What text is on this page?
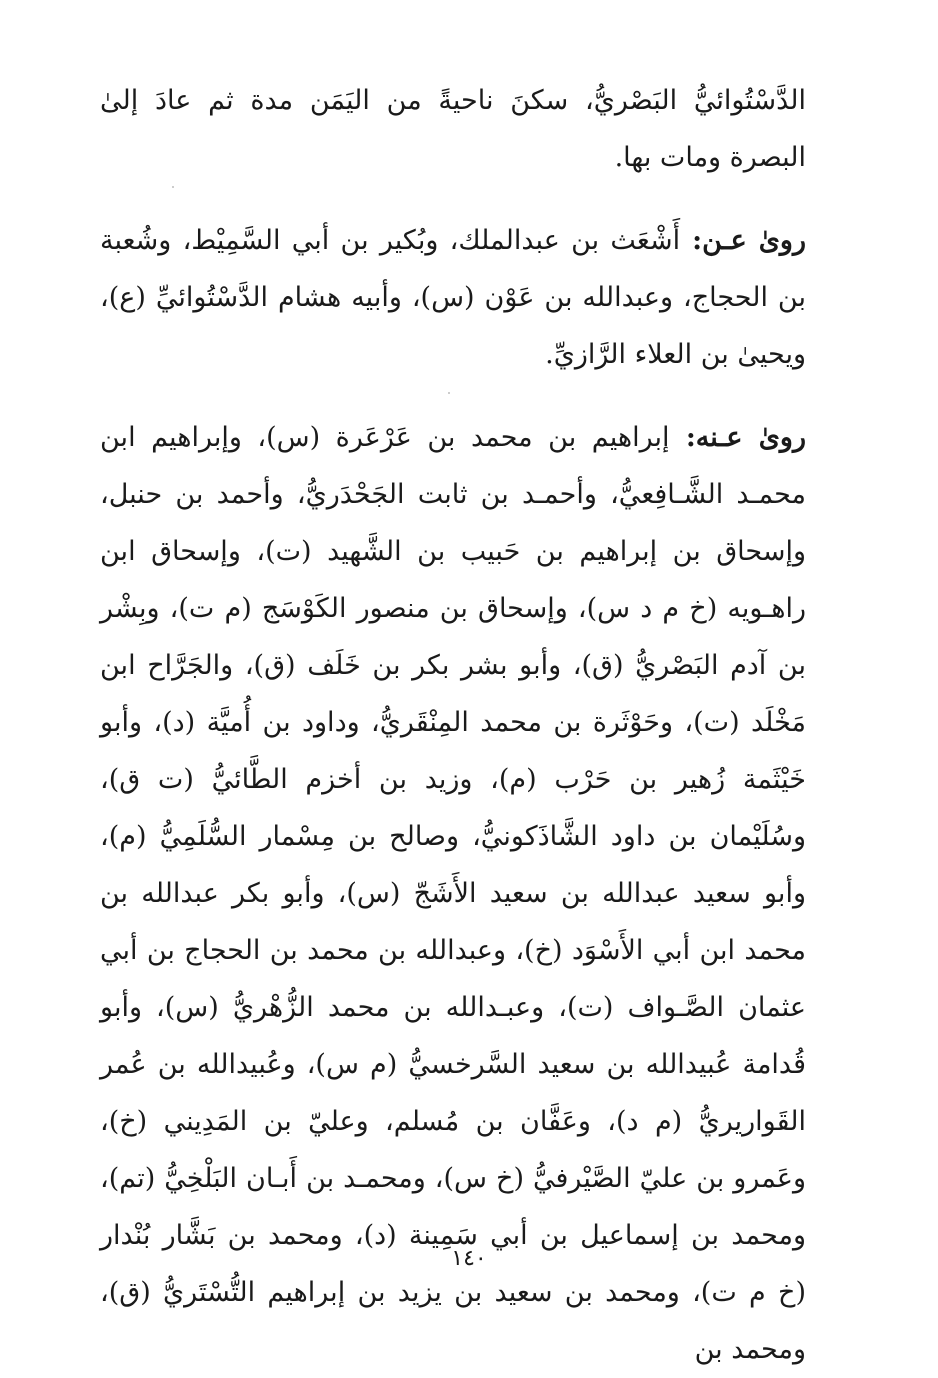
الدَّسْتُوائيُّ البَصْريُّ، سكنَ ناحيةً من اليَمَن مدة ثم عادَ إلىٰ البصرة ومات بها.

روىٰ عـن: أَشْعَث بن عبدالملك، وبُكير بن أبي السَّمِيْط، وشُعبة بن الحجاج، وعبدالله بن عَوْن (س)، وأبيه هشام الدَّسْتُوائيِّ (ع)، ويحيىٰ بن العلاء الرَّازيِّ.

روىٰ عـنه: إبراهيم بن محمد بن عَرْعَرة (س)، وإبراهيم ابن محمـد الشَّـافِعيُّ، وأحمـد بن ثابت الجَحْدَريُّ، وأحمد بن حنبل، وإسحاق بن إبراهيم بن حَبيب بن الشَّهيد (ت)، وإسحاق ابن راهـويه (خ م د س)، وإسحاق بن منصور الكَوْسَج (م ت)، وبِشْر بن آدم البَصْريُّ (ق)، وأبو بشر بكر بن خَلَف (ق)، والجَرَّاح ابن مَخْلَد (ت)، وحَوْثَرة بن محمد المِنْقَريُّ، وداود بن أُميَّة (د)، وأبو خَيْثَمة زُهير بن حَرْب (م)، وزيد بن أخزم الطَّائيُّ (ت ق)، وسُلَيْمان بن داود الشَّاذَكونيُّ، وصالح بن مِسْمار السُّلَمِيُّ (م)، وأبو سعيد عبدالله بن سعيد الأَشَجّ (س)، وأبو بكر عبدالله بن محمد ابن أبي الأَسْوَد (خ)، وعبدالله بن محمد بن الحجاج بن أبي عثمان الصَّـواف (ت)، وعبـدالله بن محمد الزُّهْريُّ (س)، وأبو قُدامة عُبيدالله بن سعيد السَّرخسيُّ (م س)، وعُبيدالله بن عُمر القَواريريُّ (م د)، وعَفَّان بن مُسلم، وعليّ بن المَدِيني (خ)، وعَمرو بن عليّ الصَّيْرفيُّ (خ س)، ومحمـد بن أَبـان البَلْخِيُّ (تم)، ومحمد بن إسماعيل بن أبي سَمِينة (د)، ومحمد بن بَشَّار بُنْدار (خ م ت)، ومحمد بن سعيد بن يزيد بن إبراهيم التُّسْتَريُّ (ق)، ومحمد بن

١٤٠
